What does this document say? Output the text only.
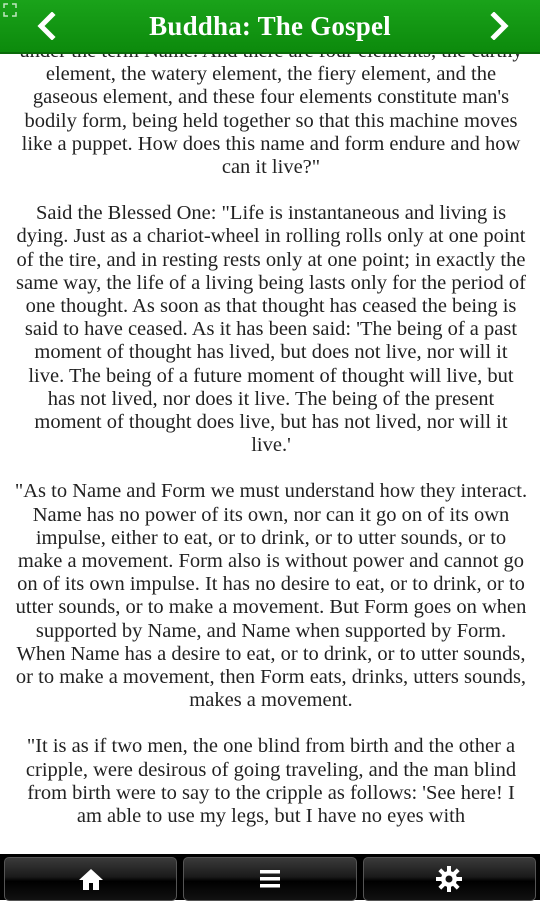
Buddha: The Gospel

element, the watery element, the fiery element, and the gaseous element, and these four elements constitute man's bodily form, being held together so that this machine moves like a puppet. How does this name and form endure and how can it live?"

Said the Blessed One: "Life is instantaneous and living is dying. Just as a chariot-wheel in rolling rolls only at one point of the tire, and in resting rests only at one point; in exactly the same way, the life of a living being lasts only for the period of one thought. As soon as that thought has ceased the being is said to have ceased. As it has been said: 'The being of a past moment of thought has lived, but does not live, nor will it live. The being of a future moment of thought will live, but has not lived, nor does it live. The being of the present moment of thought does live, but has not lived, nor will it live.'

"As to Name and Form we must understand how they interact. Name has no power of its own, nor can it go on of its own impulse, either to eat, or to drink, or to utter sounds, or to make a movement. Form also is without power and cannot go on of its own impulse. It has no desire to eat, or to drink, or to utter sounds, or to make a movement. But Form goes on when supported by Name, and Name when supported by Form. When Name has a desire to eat, or to drink, or to utter sounds, or to make a movement, then Form eats, drinks, utters sounds, makes a movement.

"It is as if two men, the one blind from birth and the other a cripple, were desirous of going traveling, and the man blind from birth were to say to the cripple as follows: 'See here! I am able to use my legs, but I have no eyes with
